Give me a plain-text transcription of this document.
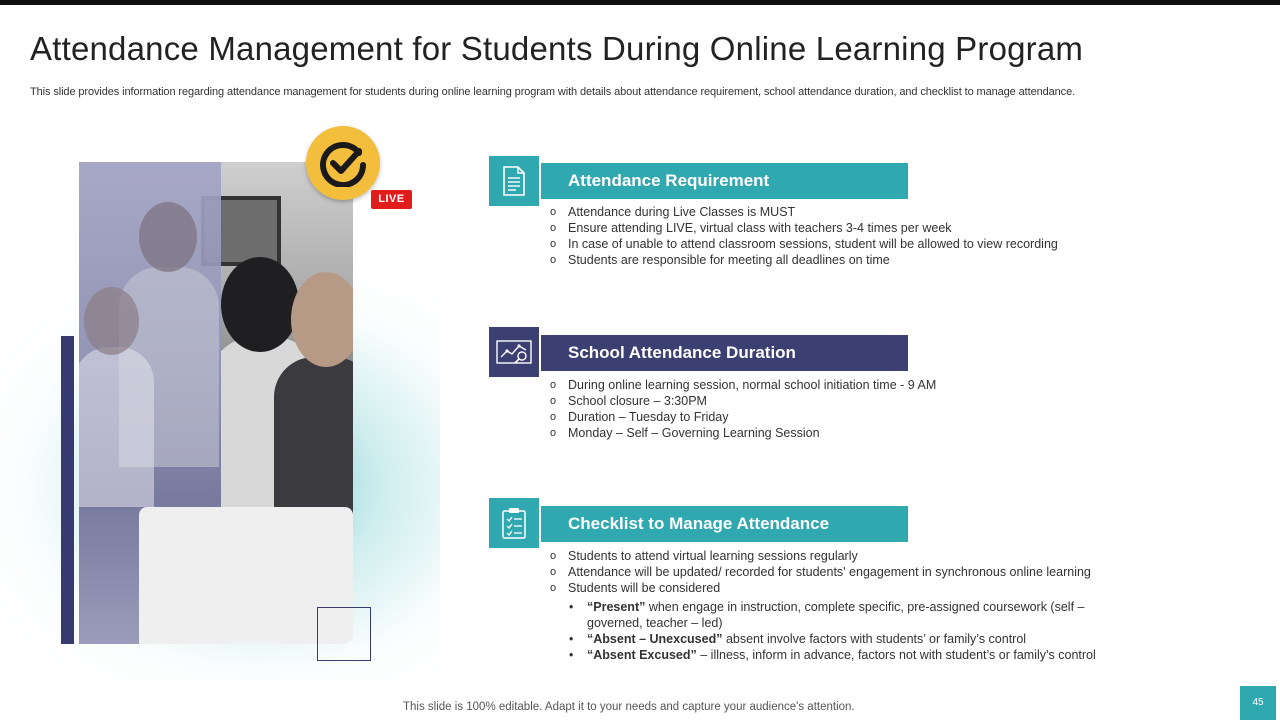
Attendance Management for Students During Online Learning Program
This slide provides information regarding attendance management for students during online learning program with details about attendance requirement, school attendance duration, and checklist to manage attendance.
LIVE
Attendance Requirement
o Attendance during Live Classes is MUST
o Ensure attending LIVE, virtual class with teachers 3-4 times per week
o In case of unable to attend classroom sessions, student will be allowed to view recording
o Students are responsible for meeting all deadlines on time
School Attendance Duration
o During online learning session, normal school initiation time - 9 AM
o School closure – 3:30PM
o Duration – Tuesday to Friday
o Monday – Self – Governing Learning Session
Checklist to Manage Attendance
o Students to attend virtual learning sessions regularly
o Attendance will be updated/ recorded for students' engagement in synchronous online learning
o Students will be considered
• “Present” when engage in instruction, complete specific, pre-assigned coursework (self – governed, teacher – led)
• “Absent – Unexcused” absent involve factors with students’ or family’s control
• “Absent Excused” – illness, inform in advance, factors not with student’s or family’s control
This slide is 100% editable. Adapt it to your needs and capture your audience's attention.	45
